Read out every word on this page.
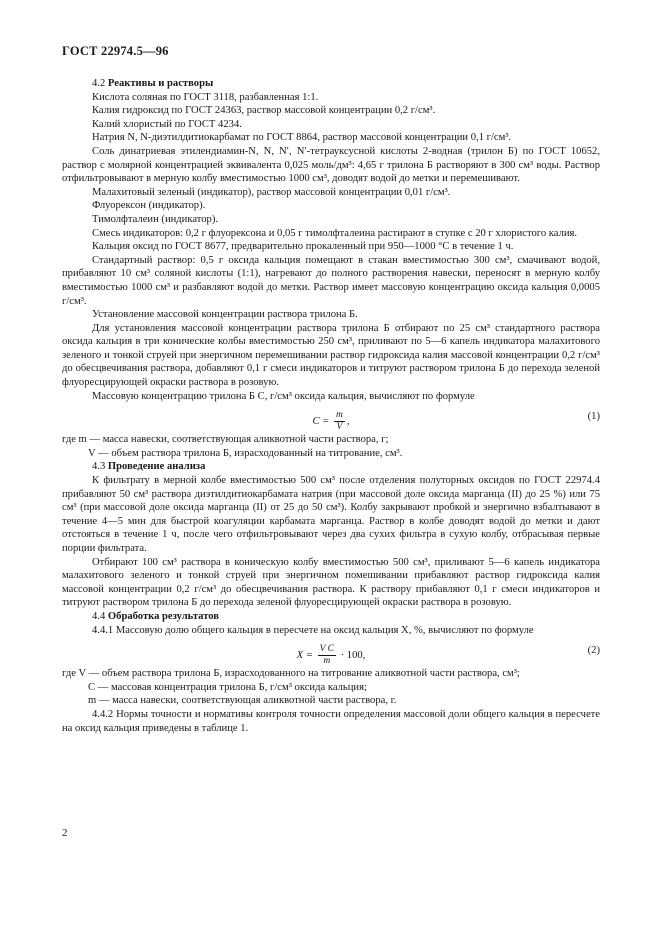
ГОСТ 22974.5—96

4.2 Реактивы и растворы

Кислота соляная по ГОСТ 3118, разбавленная 1:1.

Калия гидроксид по ГОСТ 24363, раствор массовой концентрации 0,2 г/см³.

Калий хлористый по ГОСТ 4234.

Натрия N, N-диэтилдитиокарбамат по ГОСТ 8864, раствор массовой концентрации 0,1 г/см³.

Соль динатриевая этилендиамин-N, N, N′, N′-тетрауксусной кислоты 2-водная (трилон Б) по ГОСТ 10652, раствор с молярной концентрацией эквивалента 0,025 моль/дм³: 4,65 г трилона Б растворяют в 300 см³ воды. Раствор отфильтровывают в мерную колбу вместимостью 1000 см³, доводят водой до метки и перемешивают.

Малахитовый зеленый (индикатор), раствор массовой концентрации 0,01 г/см³.

Флуорексон (индикатор).

Тимолфталеин (индикатор).

Смесь индикаторов: 0,2 г флуорексона и 0,05 г тимолфталеина растирают в ступке с 20 г хлористого калия.

Кальция оксид по ГОСТ 8677, предварительно прокаленный при 950—1000 °С в течение 1 ч.

Стандартный раствор: 0,5 г оксида кальция помещают в стакан вместимостью 300 см³, смачивают водой, прибавляют 10 см³ соляной кислоты (1:1), нагревают до полного растворения навески, переносят в мерную колбу вместимостью 1000 см³ и разбавляют водой до метки. Раствор имеет массовую концентрацию оксида кальция 0,0005 г/см³.

Установление массовой концентрации раствора трилона Б.

Для установления массовой концентрации раствора трилона Б отбирают по 25 см³ стандартного раствора оксида кальция в три конические колбы вместимостью 250 см³, приливают по 5—6 капель индикатора малахитового зеленого и тонкой струей при энергичном перемешивании раствор гидроксида калия массовой концентрации 0,2 г/см³ до обесцвечивания раствора, добавляют 0,1 г смеси индикаторов и титруют раствором трилона Б до перехода зеленой флуоресцирующей окраски раствора в розовую.

Массовую концентрацию трилона Б С, г/см³ оксида кальция, вычисляют по формуле

$C = \frac{m}{V}$ ,	(1)

где m — масса навески, соответствующая аликвотной части раствора, г;

V — объем раствора трилона Б, израсходованный на титрование, см³.

4.3 Проведение анализа

К фильтрату в мерной колбе вместимостью 500 см³ после отделения полуторных оксидов по ГОСТ 22974.4 прибавляют 50 см³ раствора диэтилдитиокарбамата натрия (при массовой доле оксида марганца (II) до 25 %) или 75 см³ (при массовой доле оксида марганца (II) от 25 до 50 см³). Колбу закрывают пробкой и энергично взбалтывают в течение 4—5 мин для быстрой коагуляции карбамата марганца. Раствор в колбе доводят водой до метки и дают отстояться в течение 1 ч, после чего отфильтровывают через два сухих фильтра в сухую колбу, отбрасывая первые порции фильтрата.

Отбирают 100 см³ раствора в коническую колбу вместимостью 500 см³, приливают 5—6 капель индикатора малахитового зеленого и тонкой струей при энергичном помешивании прибавляют раствор гидроксида калия массовой концентрации 0,2 г/см³ до обесцвечивания раствора. К раствору прибавляют 0,1 г смеси индикаторов и титруют раствором трилона Б до перехода зеленой флуоресцирующей окраски раствора в розовую.

4.4 Обработка результатов

4.4.1 Массовую долю общего кальция в пересчете на оксид кальция X, %, вычисляют по формуле

$X = \frac{\text{V C}}{m} \cdot 100$,	(2)

где V — объем раствора трилона Б, израсходованного на титрование аликвотной части раствора, см³;

C — массовая концентрация трилона Б, г/см³ оксида кальция;

m — масса навески, соответствующая аликвотной части раствора, г.

4.4.2 Нормы точности и нормативы контроля точности определения массовой доли общего кальция в пересчете на оксид кальция приведены в таблице 1.

2
